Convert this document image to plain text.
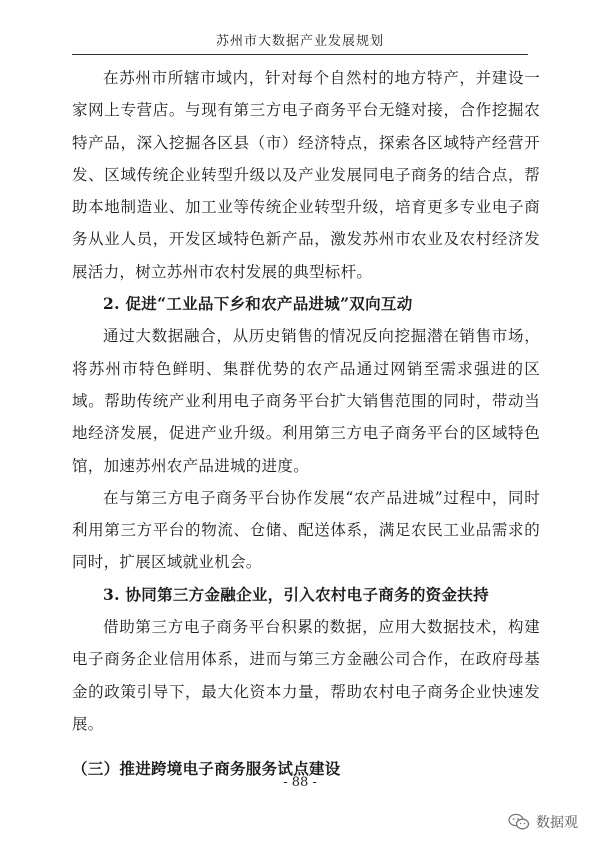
苏州市大数据产业发展规划

在苏州市所辖市域内，针对每个自然村的地方特产，并建设一家网上专营店。与现有第三方电子商务平台无缝对接，合作挖掘农特产品，深入挖掘各区县（市）经济特点，探索各区域特产经营开发、区域传统企业转型升级以及产业发展同电子商务的结合点，帮助本地制造业、加工业等传统企业转型升级，培育更多专业电子商务从业人员，开发区域特色新产品，激发苏州市农业及农村经济发展活力，树立苏州市农村发展的典型标杆。

2. 促进“工业品下乡和农产品进城”双向互动

通过大数据融合，从历史销售的情况反向挖掘潜在销售市场，将苏州市特色鲜明、集群优势的农产品通过网销至需求强进的区域。帮助传统产业利用电子商务平台扩大销售范围的同时，带动当地经济发展，促进产业升级。利用第三方电子商务平台的区域特色馆，加速苏州农产品进城的进度。

在与第三方电子商务平台协作发展“农产品进城”过程中，同时利用第三方平台的物流、仓储、配送体系，满足农民工业品需求的同时，扩展区域就业机会。

3. 协同第三方金融企业，引入农村电子商务的资金扶持

借助第三方电子商务平台积累的数据，应用大数据技术，构建电子商务企业信用体系，进而与第三方金融公司合作，在政府母基金的政策引导下，最大化资本力量，帮助农村电子商务企业快速发展。

（三）推进跨境电子商务服务试点建设

- 88 -
数据观
